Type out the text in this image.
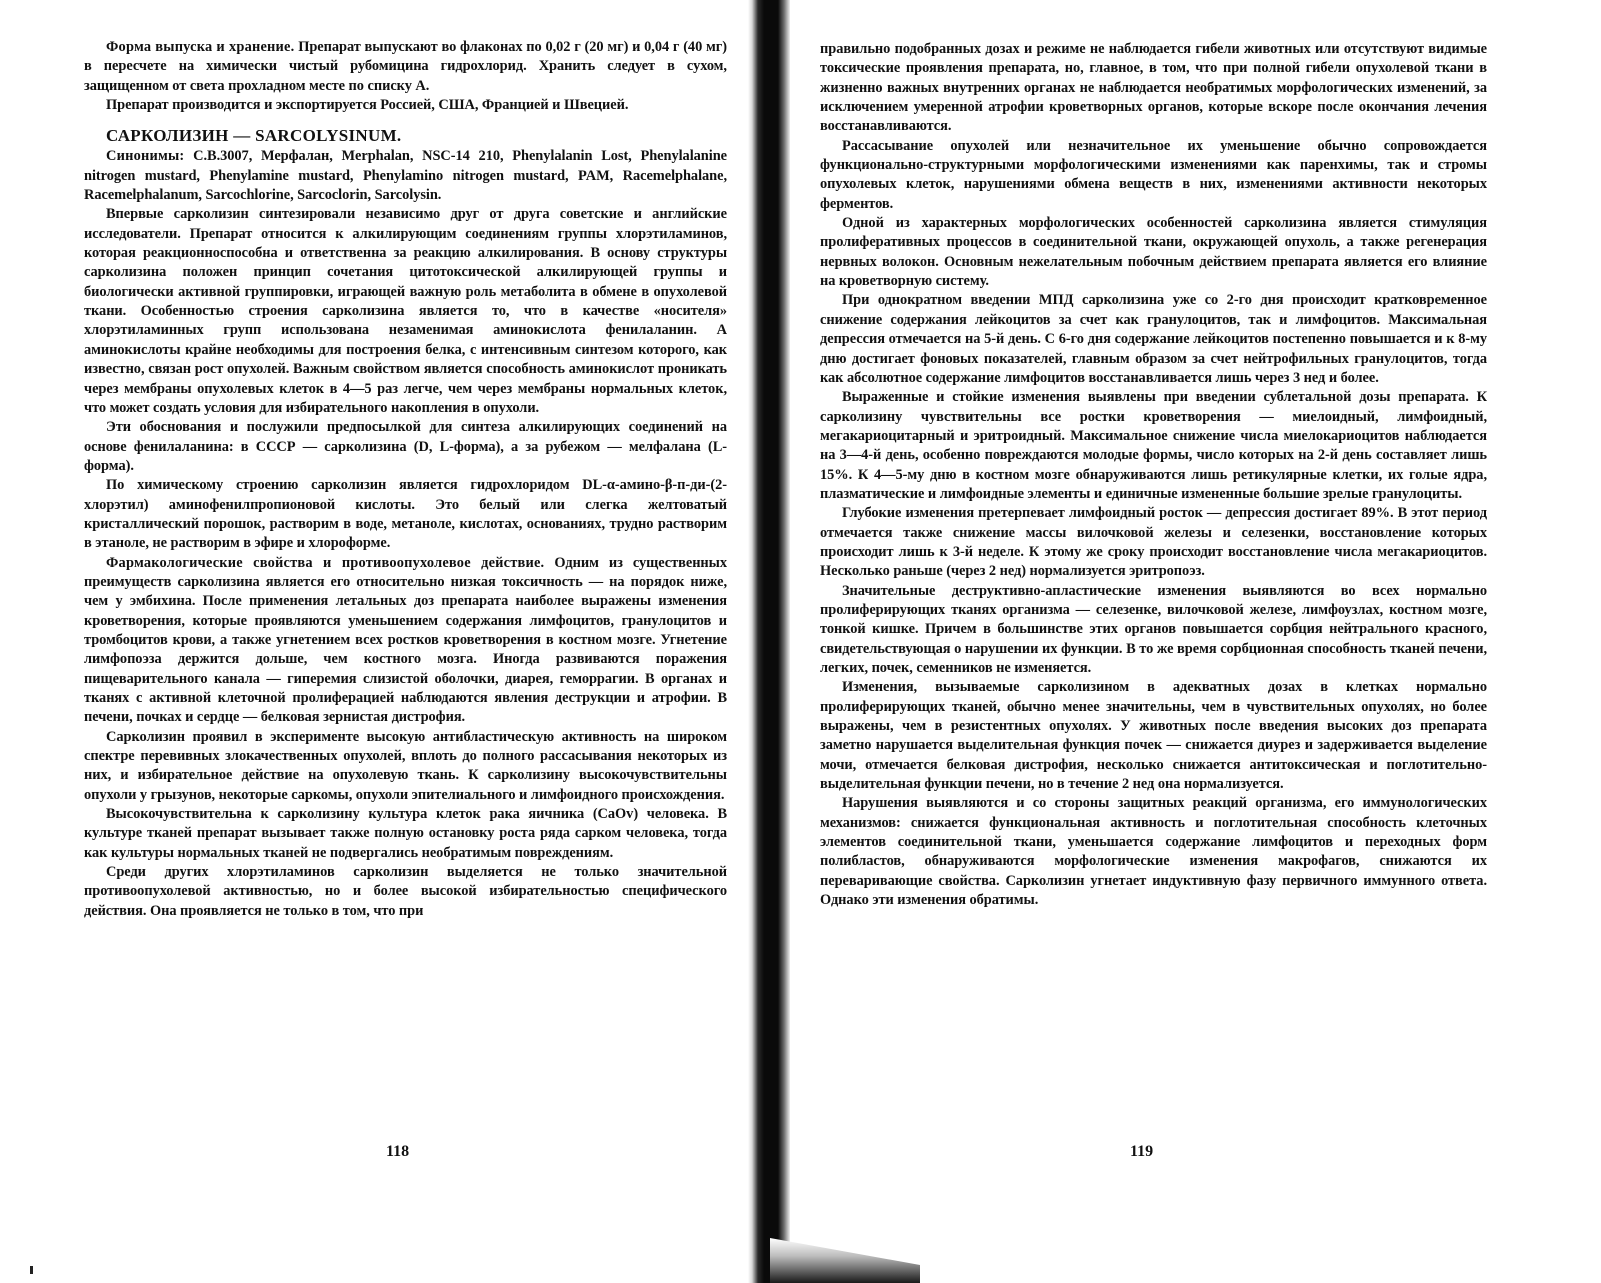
Форма выпуска и хранение. Препарат выпускают во флаконах по 0,02 г (20 мг) и 0,04 г (40 мг) в пересчете на химически чистый рубомицина гидрохлорид. Хранить следует в сухом, защищенном от света прохладном месте по списку А.

Препарат производится и экспортируется Россией, США, Францией и Швецией.

САРКОЛИЗИН — SARCOLYSINUM.

Синонимы: С.В.3007, Мерфалан, Merphalan, NSC-14 210, Phenylalanin Lost, Phenylalanine nitrogen mustard, Phenylamine mustard, Phenylamino nitrogen mustard, PAM, Racemelphalane, Racemelphalanum, Sarcochlorine, Sarcoclorin, Sarcolysin.

Впервые сарколизин синтезировали независимо друг от друга советские и английские исследователи. Препарат относится к алкилирующим соединениям группы хлорэтиламинов, которая реакционноспособна и ответственна за реакцию алкилирования. В основу структуры сарколизина положен принцип сочетания цитотоксической алкилирующей группы и биологически активной группировки, играющей важную роль метаболита в обмене в опухолевой ткани. Особенностью строения сарколизина является то, что в качестве «носителя» хлорэтиламинных групп использована незаменимая аминокислота фенилаланин. А аминокислоты крайне необходимы для построения белка, с интенсивным синтезом которого, как известно, связан рост опухолей. Важным свойством является способность аминокислот проникать через мембраны опухолевых клеток в 4—5 раз легче, чем через мембраны нормальных клеток, что может создать условия для избирательного накопления в опухоли.

Эти обоснования и послужили предпосылкой для синтеза алкилирующих соединений на основе фенилаланина: в СССР — сарколизина (D, L-форма), а за рубежом — мелфалана (L-форма).

По химическому строению сарколизин является гидрохлоридом DL-α-амино-β-п-ди-(2-хлорэтил) аминофенилпропионовой кислоты. Это белый или слегка желтоватый кристаллический порошок, растворим в воде, метаноле, кислотах, основаниях, трудно растворим в этаноле, не растворим в эфире и хлороформе.

Фармакологические свойства и противоопухолевое действие. Одним из существенных преимуществ сарколизина является его относительно низкая токсичность — на порядок ниже, чем у эмбихина. После применения летальных доз препарата наиболее выражены изменения кроветворения, которые проявляются уменьшением содержания лимфоцитов, гранулоцитов и тромбоцитов крови, а также угнетением всех ростков кроветворения в костном мозге. Угнетение лимфопоэза держится дольше, чем костного мозга. Иногда развиваются поражения пищеварительного канала — гиперемия слизистой оболочки, диарея, геморрагии. В органах и тканях с активной клеточной пролиферацией наблюдаются явления деструкции и атрофии. В печени, почках и сердце — белковая зернистая дистрофия.

Сарколизин проявил в эксперименте высокую антибластическую активность на широком спектре перевивных злокачественных опухолей, вплоть до полного рассасывания некоторых из них, и избирательное действие на опухолевую ткань. К сарколизину высокочувствительны опухоли у грызунов, некоторые саркомы, опухоли эпителиального и лимфоидного происхождения.

Высокочувствительна к сарколизину культура клеток рака яичника (CaOv) человека. В культуре тканей препарат вызывает также полную остановку роста ряда сарком человека, тогда как культуры нормальных тканей не подвергались необратимым повреждениям.

Среди других хлорэтиламинов сарколизин выделяется не только значительной противоопухолевой активностью, но и более высокой избирательностью специфического действия. Она проявляется не только в том, что при

118

правильно подобранных дозах и режиме не наблюдается гибели животных или отсутствуют видимые токсические проявления препарата, но, главное, в том, что при полной гибели опухолевой ткани в жизненно важных внутренних органах не наблюдается необратимых морфологических изменений, за исключением умеренной атрофии кроветворных органов, которые вскоре после окончания лечения восстанавливаются.

Рассасывание опухолей или незначительное их уменьшение обычно сопровождается функционально-структурными морфологическими изменениями как паренхимы, так и стромы опухолевых клеток, нарушениями обмена веществ в них, изменениями активности некоторых ферментов.

Одной из характерных морфологических особенностей сарколизина является стимуляция пролиферативных процессов в соединительной ткани, окружающей опухоль, а также регенерация нервных волокон. Основным нежелательным побочным действием препарата является его влияние на кроветворную систему.

При однократном введении МПД сарколизина уже со 2-го дня происходит кратковременное снижение содержания лейкоцитов за счет как гранулоцитов, так и лимфоцитов. Максимальная депрессия отмечается на 5-й день. С 6-го дня содержание лейкоцитов постепенно повышается и к 8-му дню достигает фоновых показателей, главным образом за счет нейтрофильных гранулоцитов, тогда как абсолютное содержание лимфоцитов восстанавливается лишь через 3 нед и более.

Выраженные и стойкие изменения выявлены при введении сублетальной дозы препарата. К сарколизину чувствительны все ростки кроветворения — миелоидный, лимфоидный, мегакариоцитарный и эритроидный. Максимальное снижение числа миелокариоцитов наблюдается на 3—4-й день, особенно повреждаются молодые формы, число которых на 2-й день составляет лишь 15%. К 4—5-му дню в костном мозге обнаруживаются лишь ретикулярные клетки, их голые ядра, плазматические и лимфоидные элементы и единичные измененные большие зрелые гранулоциты.

Глубокие изменения претерпевает лимфоидный росток — депрессия достигает 89%. В этот период отмечается также снижение массы вилочковой железы и селезенки, восстановление которых происходит лишь к 3-й неделе. К этому же сроку происходит восстановление числа мегакариоцитов. Несколько раньше (через 2 нед) нормализуется эритропоэз.

Значительные деструктивно-апластические изменения выявляются во всех нормально пролиферирующих тканях организма — селезенке, вилочковой железе, лимфоузлах, костном мозге, тонкой кишке. Причем в большинстве этих органов повышается сорбция нейтрального красного, свидетельствующая о нарушении их функции. В то же время сорбционная способность тканей печени, легких, почек, семенников не изменяется.

Изменения, вызываемые сарколизином в адекватных дозах в клетках нормально пролиферирующих тканей, обычно менее значительны, чем в чувствительных опухолях, но более выражены, чем в резистентных опухолях. У животных после введения высоких доз препарата заметно нарушается выделительная функция почек — снижается диурез и задерживается выделение мочи, отмечается белковая дистрофия, несколько снижается антитоксическая и поглотительно-выделительная функции печени, но в течение 2 нед она нормализуется.

Нарушения выявляются и со стороны защитных реакций организма, его иммунологических механизмов: снижается функциональная активность и поглотительная способность клеточных элементов соединительной ткани, уменьшается содержание лимфоцитов и переходных форм полибластов, обнаруживаются морфологические изменения макрофагов, снижаются их переваривающие свойства. Сарколизин угнетает индуктивную фазу первичного иммунного ответа. Однако эти изменения обратимы.

119
